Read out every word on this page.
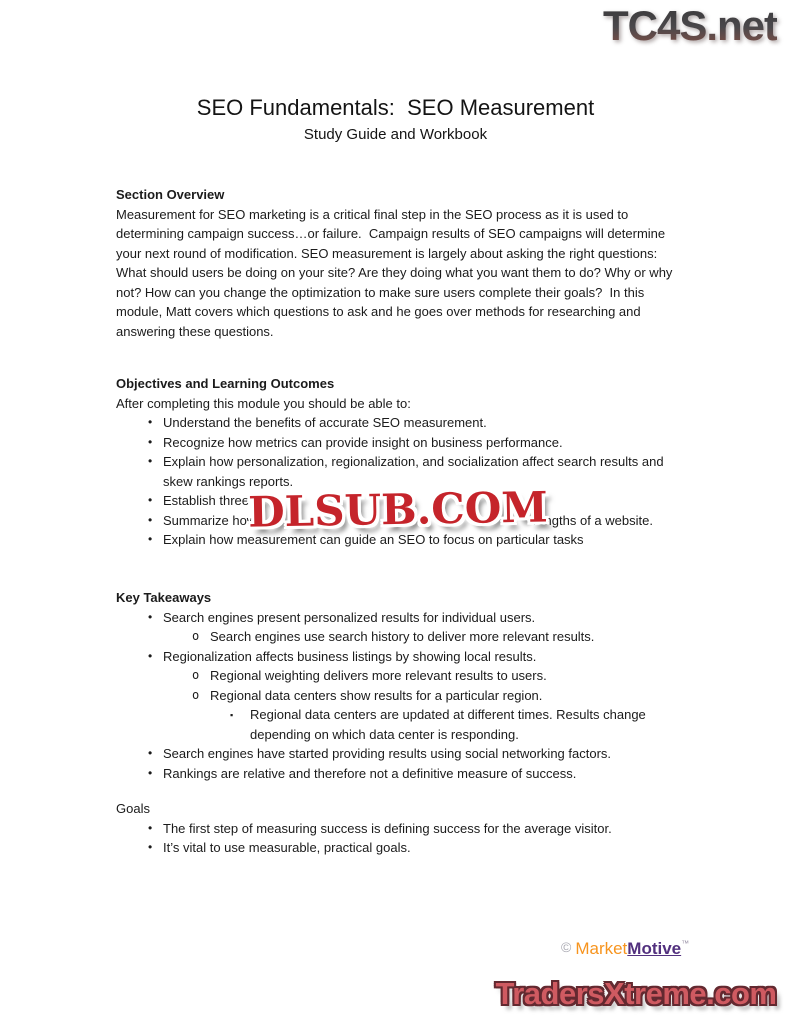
TC4S.net
SEO Fundamentals:  SEO Measurement
Study Guide and Workbook
Section Overview

Measurement for SEO marketing is a critical final step in the SEO process as it is used to determining campaign success…or failure.  Campaign results of SEO campaigns will determine your next round of modification. SEO measurement is largely about asking the right questions: What should users be doing on your site? Are they doing what you want them to do? Why or why not? How can you change the optimization to make sure users complete their goals?  In this module, Matt covers which questions to ask and he goes over methods for researching and answering these questions.

Objectives and Learning Outcomes
After completing this module you should be able to:
• Understand the benefits of accurate SEO measurement.
• Recognize how metrics can provide insight on business performance.
• Explain how personalization, regionalization, and socialization affect search results and skew rankings reports.
• Establish three
• Summarize how	rengths of a website.
• Explain how measurement can guide an SEO to focus on particular tasks
Key Takeaways
• Search engines present personalized results for individual users.
o Search engines use search history to deliver more relevant results.
• Regionalization affects business listings by showing local results.
o Regional weighting delivers more relevant results to users.
o Regional data centers show results for a particular region.
▪ Regional data centers are updated at different times. Results change depending on which data center is responding.
• Search engines have started providing results using social networking factors.
• Rankings are relative and therefore not a definitive measure of success.
Goals
• The first step of measuring success is defining success for the average visitor.
• It’s vital to use measurable, practical goals.
DLSUB.COM
© MarketMotive™
TradersXtreme.com
